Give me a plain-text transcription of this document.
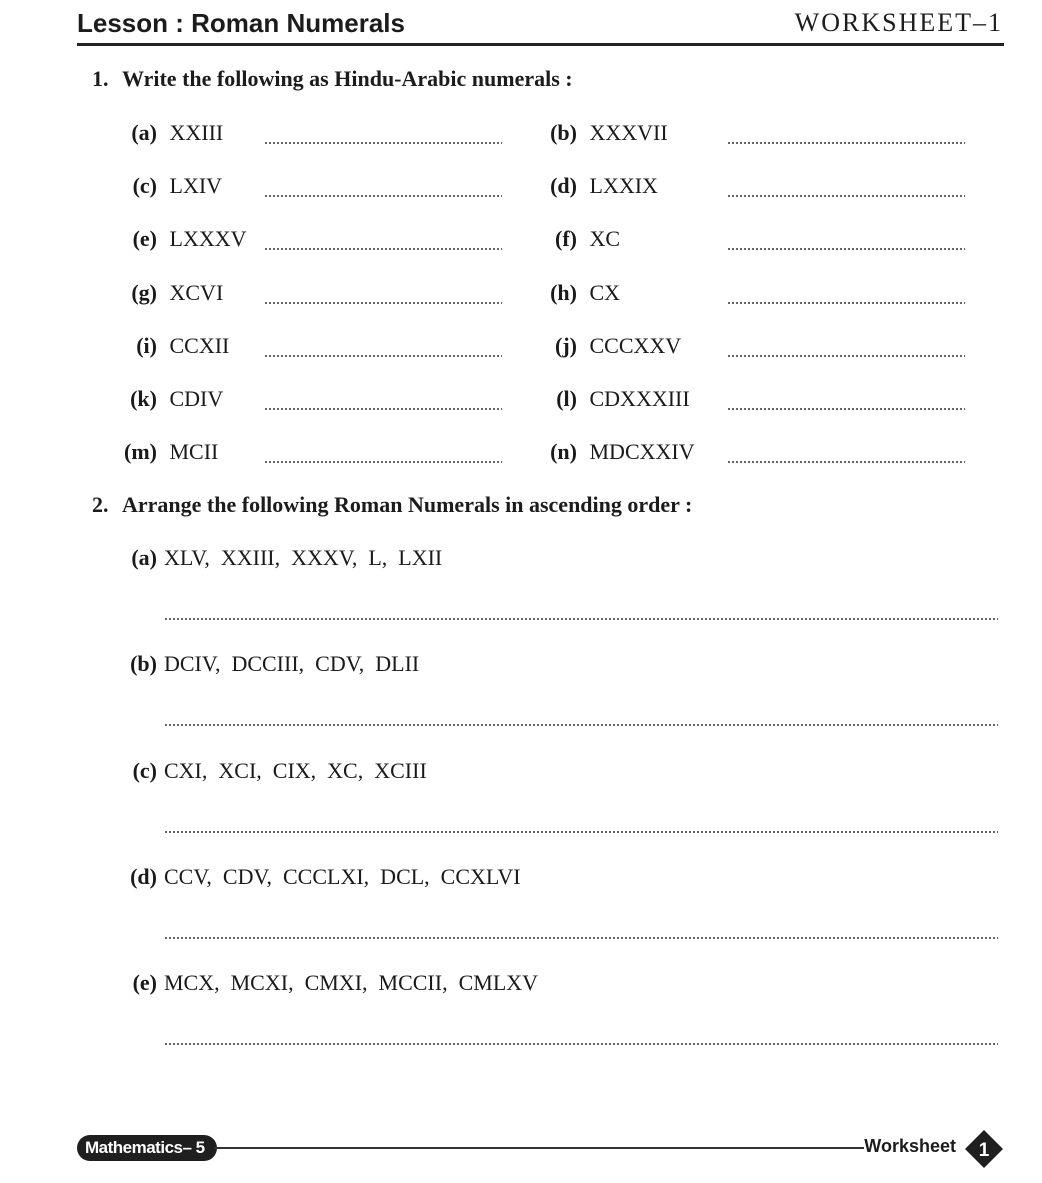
Lesson : Roman Numerals	WORKSHEET–1
1. Write the following as Hindu-Arabic numerals :
(a) XXIII	(b) XXXVII
(c) LXIV	(d) LXXIX
(e) LXXXV	(f) XC
(g) XCVI	(h) CX
(i) CCXII	(j) CCCXXV
(k) CDIV	(l) CDXXXIII
(m) MCII	(n) MDCXXIV
2. Arrange the following Roman Numerals in ascending order :
(a) XLV,  XXIII,  XXXV,  L,  LXII
(b) DCIV,  DCCIII,  CDV,  DLII
(c) CXI,  XCI,  CIX,  XC,  XCIII
(d) CCV,  CDV,  CCCLXI,  DCL,  CCXLVI
(e) MCX,  MCXI,  CMXI,  MCCII,  CMLXV
Mathematics– 5	Worksheet 1
